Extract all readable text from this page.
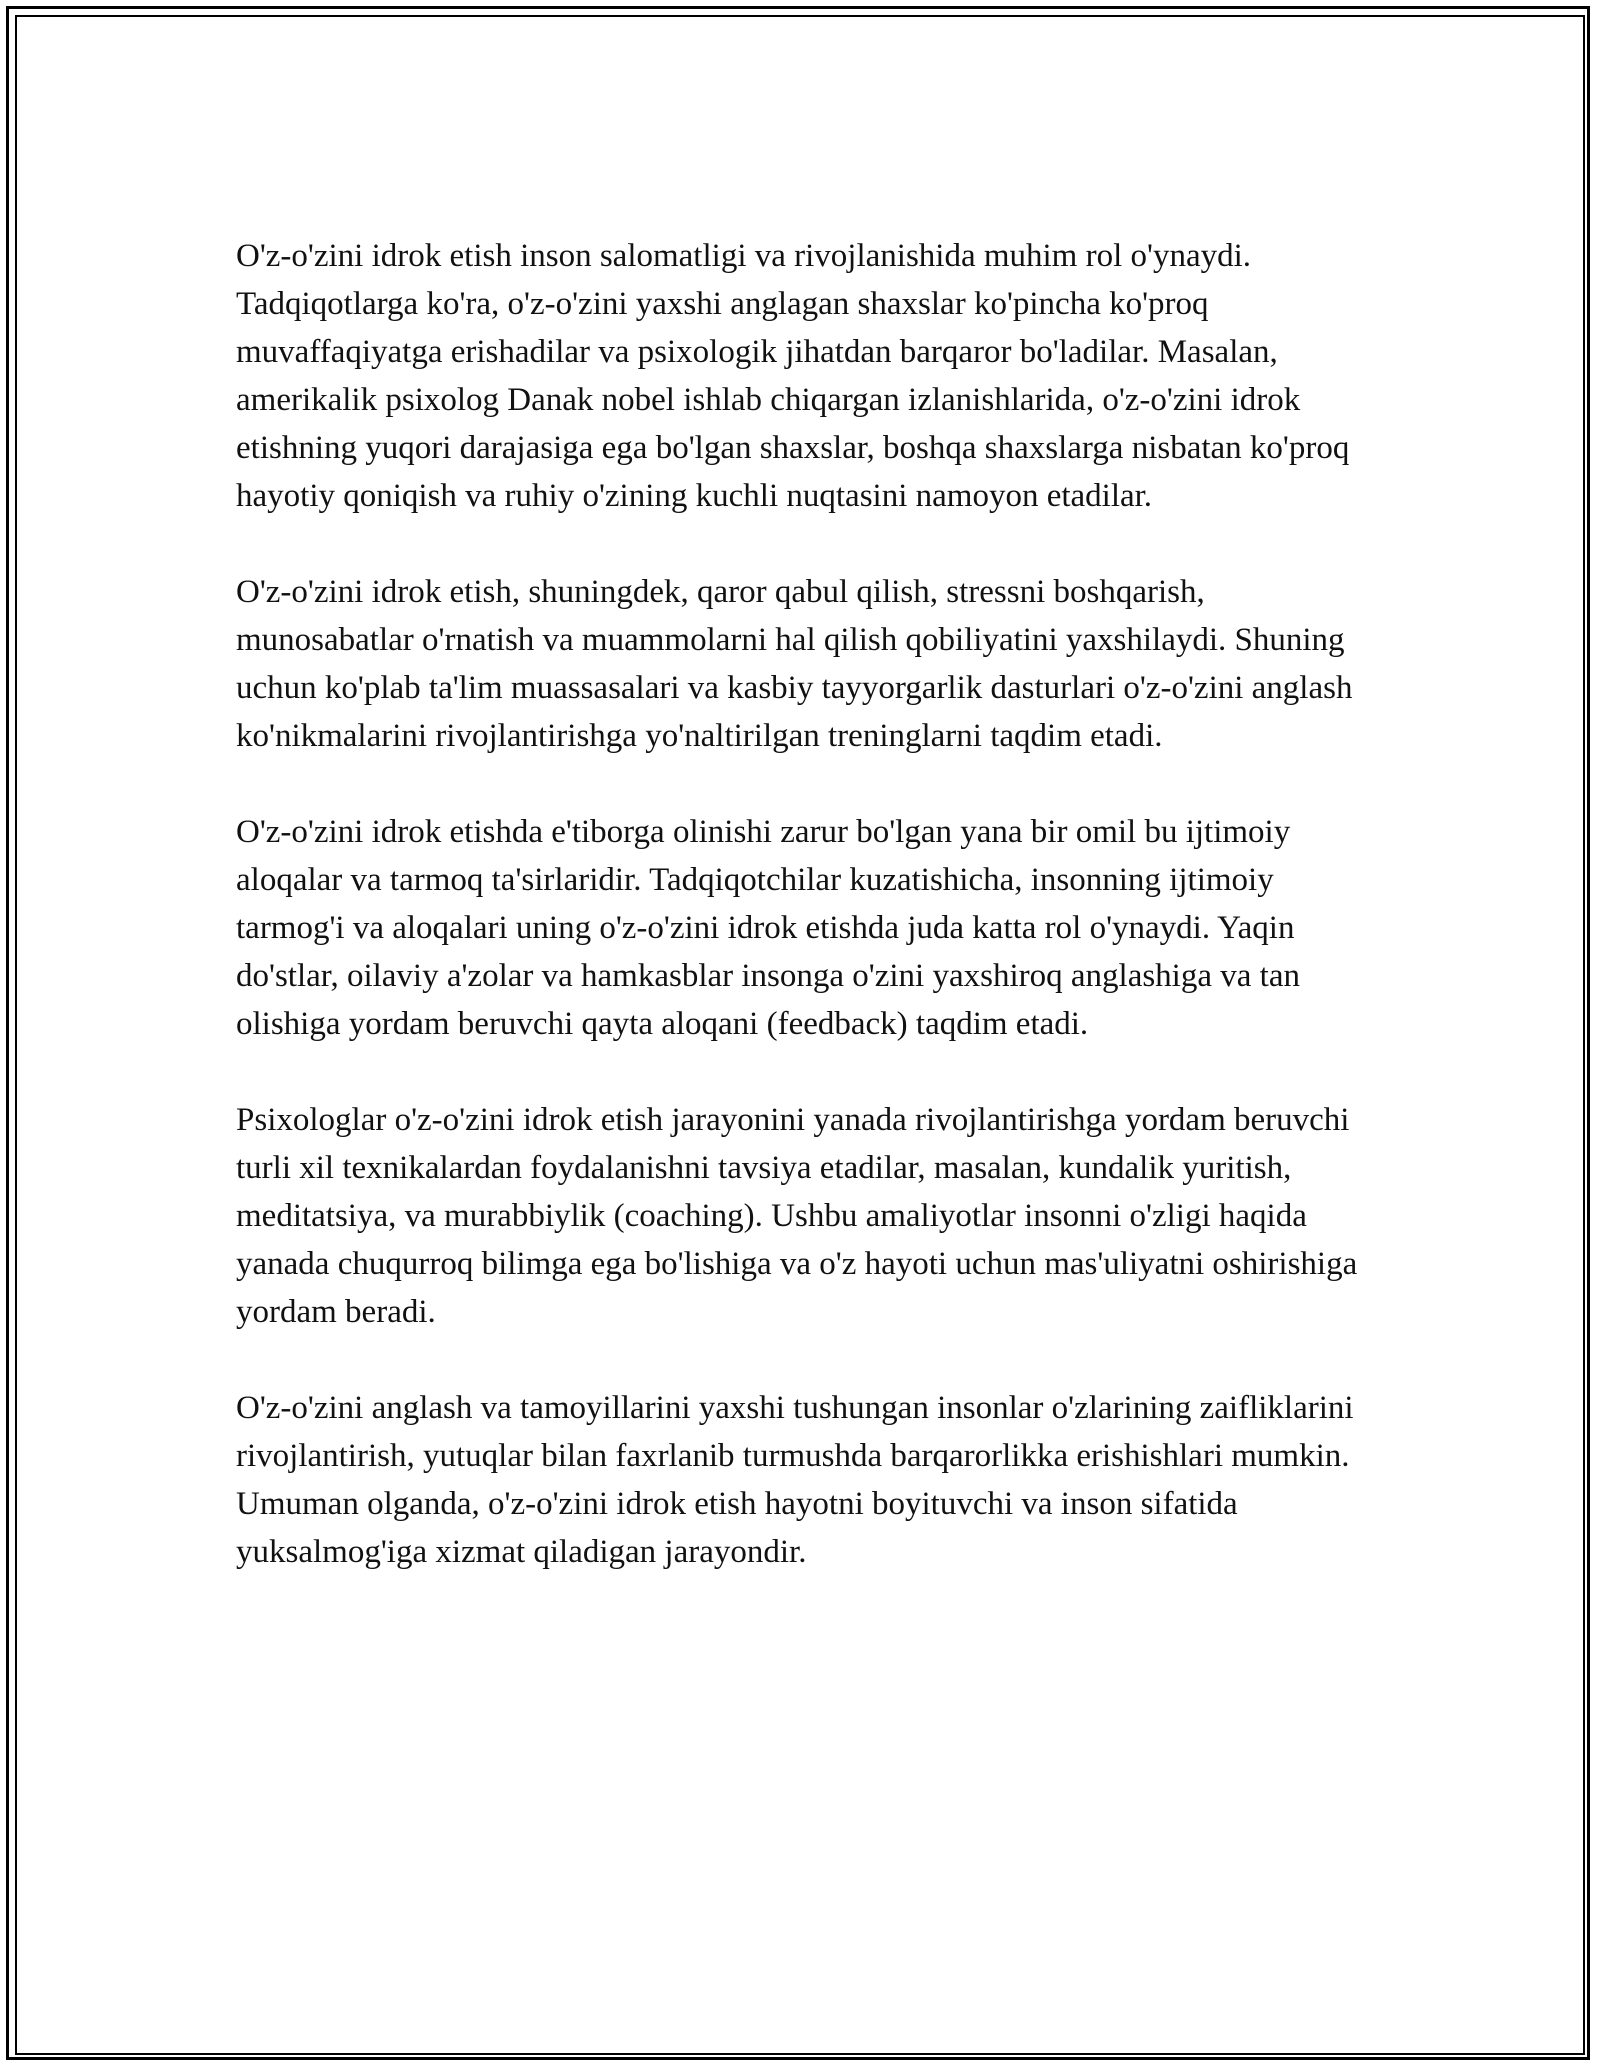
O'z-o'zini idrok etish inson salomatligi va rivojlanishida muhim rol o'ynaydi. Tadqiqotlarga ko'ra, o'z-o'zini yaxshi anglagan shaxslar ko'pincha ko'proq muvaffaqiyatga erishadilar va psixologik jihatdan barqaror bo'ladilar. Masalan, amerikalik psixolog Danak nobel ishlab chiqargan izlanishlarida, o'z-o'zini idrok etishning yuqori darajasiga ega bo'lgan shaxslar, boshqa shaxslarga nisbatan ko'proq hayotiy qoniqish va ruhiy o'zining kuchli nuqtasini namoyon etadilar.

O'z-o'zini idrok etish, shuningdek, qaror qabul qilish, stressni boshqarish, munosabatlar o'rnatish va muammolarni hal qilish qobiliyatini yaxshilaydi. Shuning uchun ko'plab ta'lim muassasalari va kasbiy tayyorgarlik dasturlari o'z-o'zini anglash ko'nikmalarini rivojlantirishga yo'naltirilgan treninglarni taqdim etadi.

O'z-o'zini idrok etishda e'tiborga olinishi zarur bo'lgan yana bir omil bu ijtimoiy aloqalar va tarmoq ta'sirlaridir. Tadqiqotchilar kuzatishicha, insonning ijtimoiy tarmog'i va aloqalari uning o'z-o'zini idrok etishda juda katta rol o'ynaydi. Yaqin do'stlar, oilaviy a'zolar va hamkasblar insonga o'zini yaxshiroq anglashiga va tan olishiga yordam beruvchi qayta aloqani (feedback) taqdim etadi.

Psixologlar o'z-o'zini idrok etish jarayonini yanada rivojlantirishga yordam beruvchi turli xil texnikalardan foydalanishni tavsiya etadilar, masalan, kundalik yuritish, meditatsiya, va murabbiylik (coaching). Ushbu amaliyotlar insonni o'zligi haqida yanada chuqurroq bilimga ega bo'lishiga va o'z hayoti uchun mas'uliyatni oshirishiga yordam beradi.

O'z-o'zini anglash va tamoyillarini yaxshi tushungan insonlar o'zlarining zaifliklarini rivojlantirish, yutuqlar bilan faxrlanib turmushda barqarorlikka erishishlari mumkin. Umuman olganda, o'z-o'zini idrok etish hayotni boyituvchi va inson sifatida yuksalmog'iga xizmat qiladigan jarayondir.
